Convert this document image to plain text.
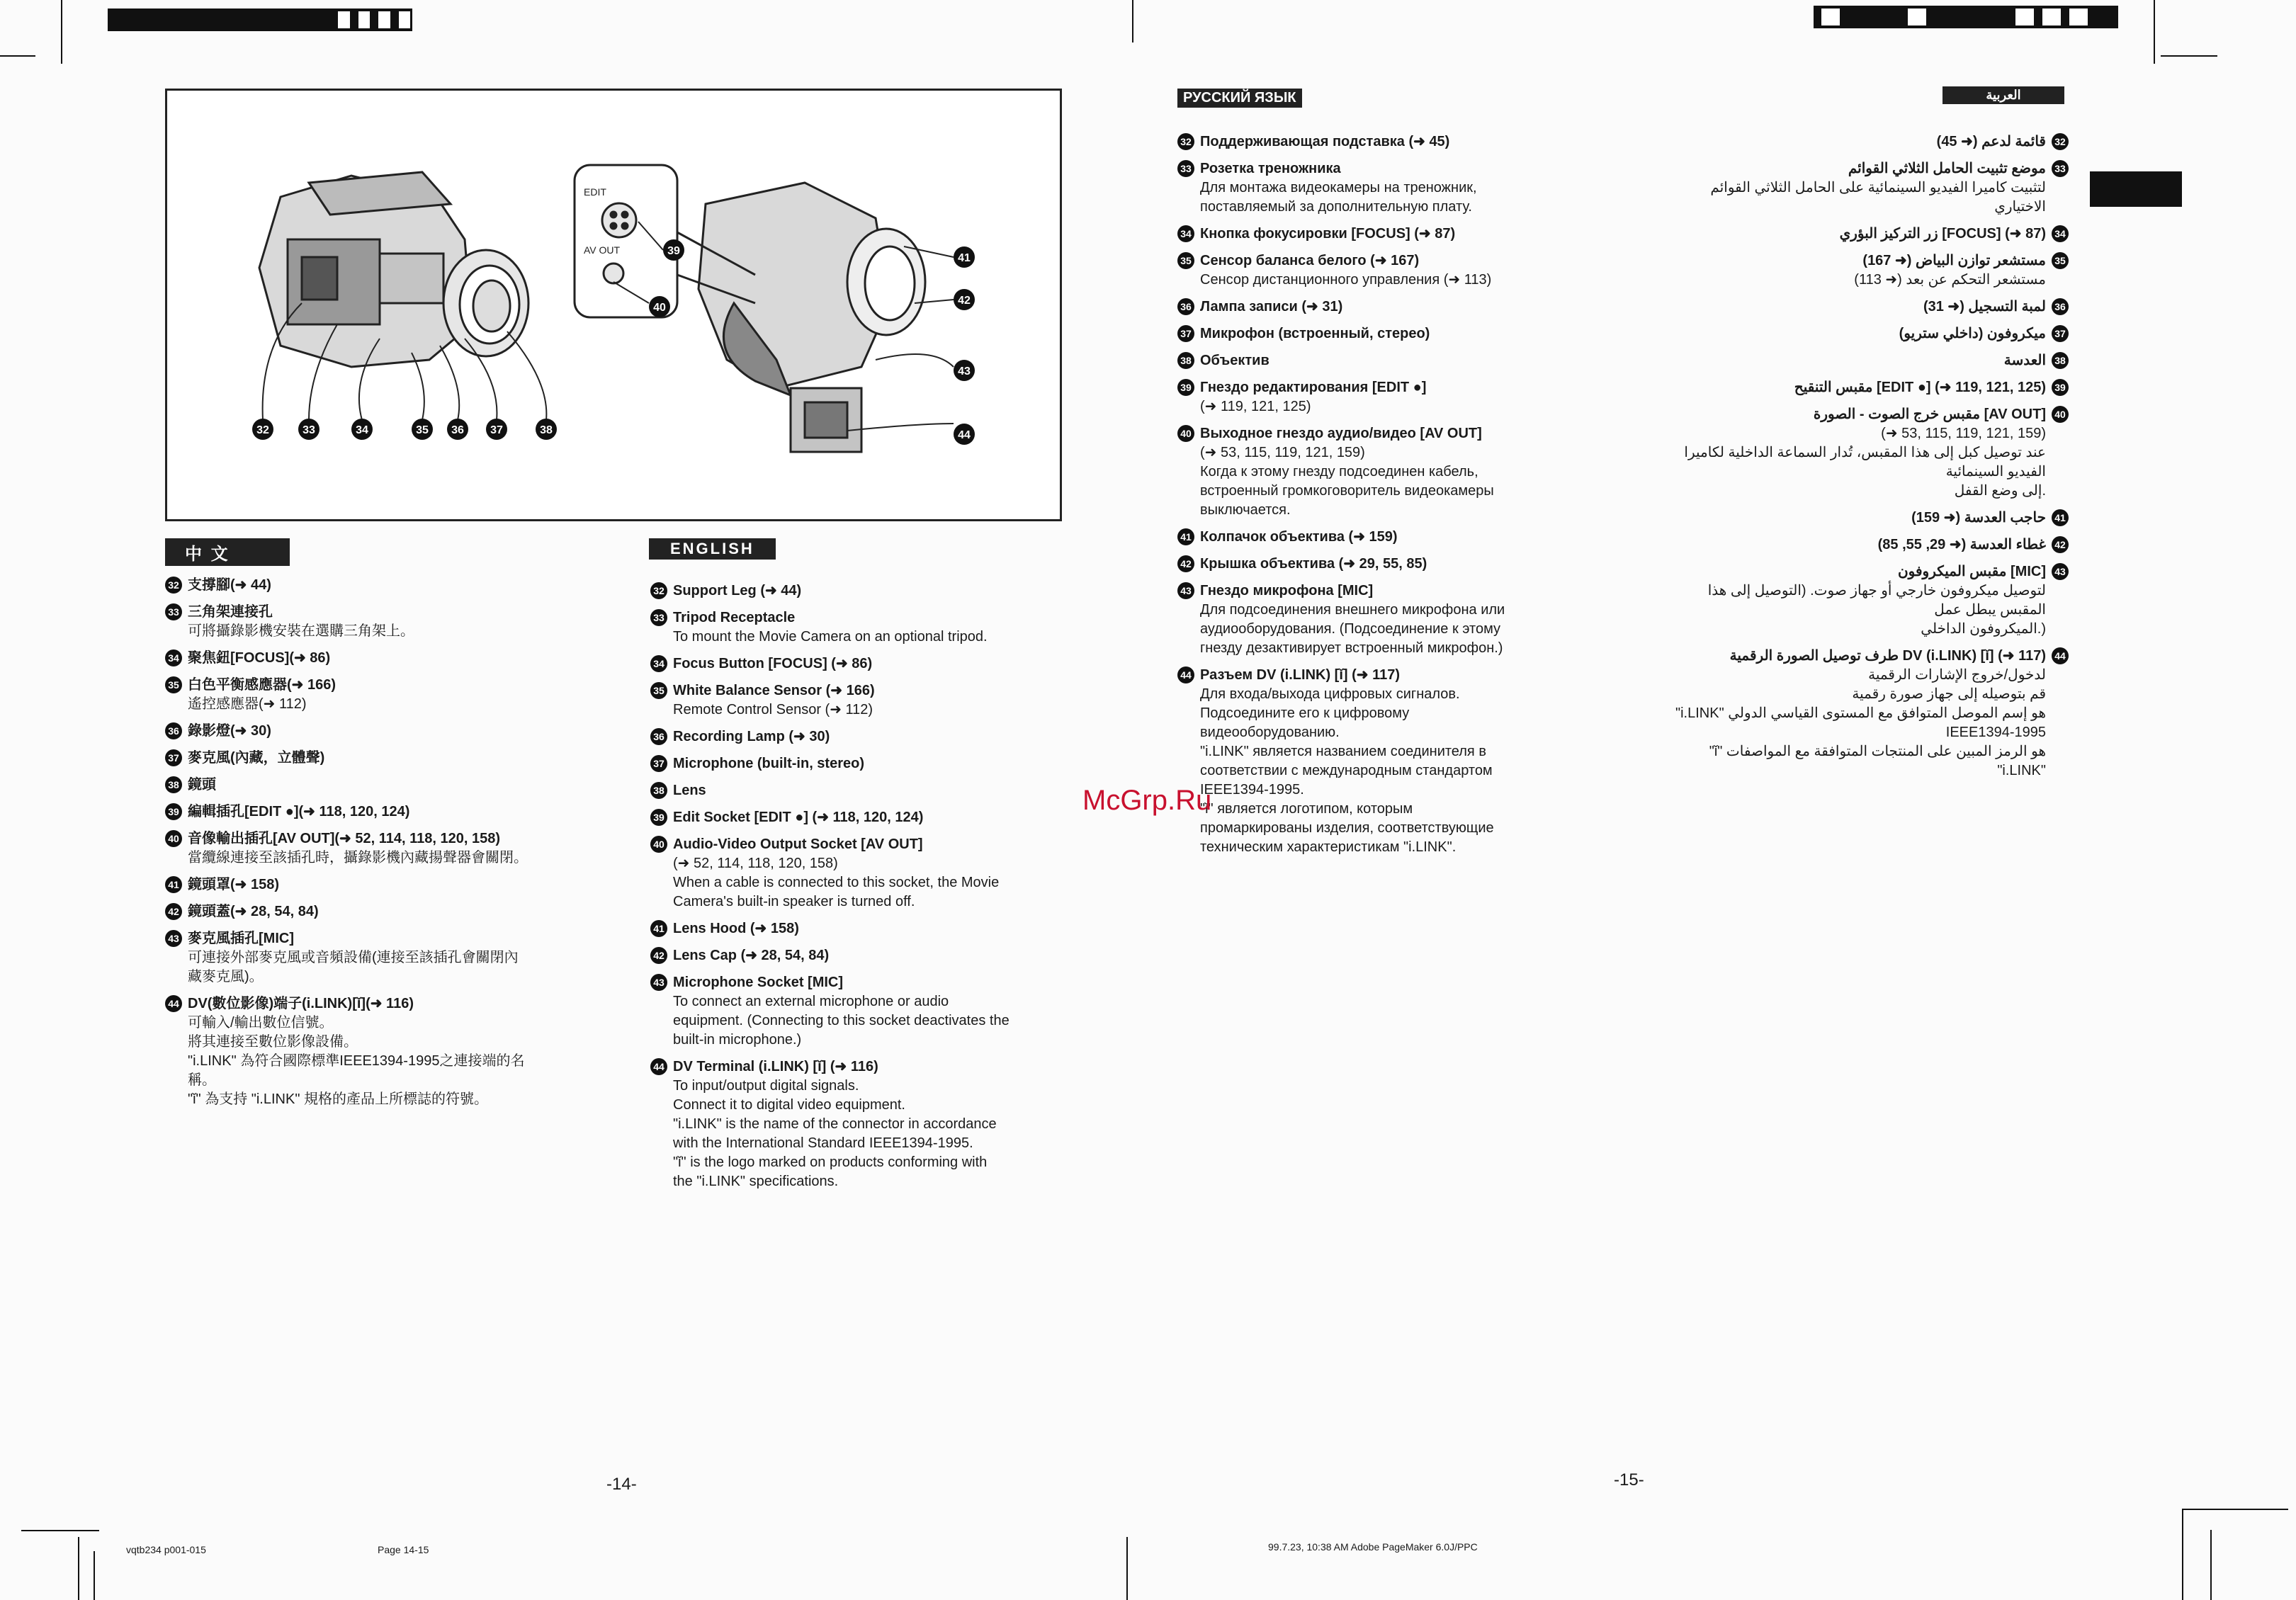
EDIT
AV OUT
32	33	34	35 36 37	38
41
42
39
40
43
44
中 文	ENGLISH
РУССКИЙ ЯЗЫК	العربية
32 支撐腳(➜ 44)
33 三角架連接孔
可將攝錄影機安裝在選購三角架上。
34 聚焦鈕[FOCUS](➜ 86)
35 白色平衡感應器(➜ 166)
遙控感應器(➜ 112)
36 錄影燈(➜ 30)
37 麥克風(內藏，立體聲)
38 鏡頭
39 編輯插孔[EDIT ●](➜ 118, 120, 124)
40 音像輸出插孔[AV OUT](➜ 52, 114, 118, 120, 158)
當纜線連接至該插孔時，攝錄影機內藏揚聲器會關閉。
41 鏡頭罩(➜ 158)
42 鏡頭蓋(➜ 28, 54, 84)
43 麥克風插孔[MIC]
可連接外部麥克風或音頻設備(連接至該插孔會關閉內
藏麥克風)。
44 DV(數位影像)端子(i.LINK)[ǐ](➜ 116)
可輸入/輸出數位信號。
將其連接至數位影像設備。
"i.LINK" 為符合國際標準IEEE1394-1995之連接端的名
稱。
"ǐ" 為支持 "i.LINK" 規格的產品上所標誌的符號。
32 Support Leg (➜ 44)
33 Tripod Receptacle
To mount the Movie Camera on an optional tripod.
34 Focus Button [FOCUS] (➜ 86)
35 White Balance Sensor (➜ 166)
Remote Control Sensor (➜ 112)
36 Recording Lamp (➜ 30)
37 Microphone (built-in, stereo)
38 Lens
39 Edit Socket [EDIT ●] (➜ 118, 120, 124)
40 Audio-Video Output Socket [AV OUT]
(➜ 52, 114, 118, 120, 158)
When a cable is connected to this socket, the Movie
Camera's built-in speaker is turned off.
41 Lens Hood (➜ 158)
42 Lens Cap (➜ 28, 54, 84)
43 Microphone Socket [MIC]
To connect an external microphone or audio
equipment. (Connecting to this socket deactivates the
built-in microphone.)
44 DV Terminal (i.LINK) [ǐ] (➜ 116)
To input/output digital signals.
Connect it to digital video equipment.
"i.LINK" is the name of the connector in accordance
with the International Standard IEEE1394-1995.
"ǐ" is the logo marked on products conforming with
the "i.LINK" specifications.
32 Поддерживающая подставка (➜ 45)
33 Розетка треножника
Для монтажа видеокамеры на треножник,
поставляемый за дополнительную плату.
34 Кнопка фокусировки [FOCUS] (➜ 87)
35 Сенсор баланса белого (➜ 167)
Сенсор дистанционного управления (➜ 113)
36 Лампа записи (➜ 31)
37 Микрофон (встроенный, стерео)
38 Объектив
39 Гнездо редактирования [EDIT ●]
(➜ 119, 121, 125)
40 Выходное гнездо аудио/видео [AV OUT]
(➜ 53, 115, 119, 121, 159)
Когда к этому гнезду подсоединен кабель,
встроенный громкоговоритель видеокамеры
выключается.
41 Колпачок объектива (➜ 159)
42 Крышка объектива (➜ 29, 55, 85)
43 Гнездо микрофона [MIC]
Для подсоединения внешнего микрофона или
аудиооборудования. (Подсоединение к этому
гнезду дезактивирует встроенный микрофон.)
44 Разъем DV (i.LINK) [ǐ] (➜ 117)
Для входа/выхода цифровых сигналов.
Подсоедините его к цифровому
видеооборудованию.
"i.LINK" является названием соединителя в
соответствии с международным стандартом
IEEE1394-1995.
"ǐ" является логотипом, которым
промаркированы изделия, соответствующие
техническим характеристикам "i.LINK".
32
قائمة لدعم (➜ 45)
33
موضع تثبيت الحامل الثلاثي القوائم
لتثبيت كاميرا الفيديو السينمائية على الحامل الثلاثي القوائم الاختياري
34
زر التركيز البؤري [FOCUS] (➜ 87)
35
مستشعر توازن البياض (➜ 167)
مستشعر التحكم عن بعد (➜ 113)
36
لمبة التسجيل (➜ 31)
37
ميكروفون (داخلي ستريو)
38
العدسة
39
مقبس التنقيح [EDIT ●] (➜ 119, 121, 125)
40
مقبس خرج الصوت - الصورة [AV OUT]
(➜ 53, 115, 119, 121, 159)
عند توصيل كبل إلى هذا المقبس، تُدار السماعة الداخلية لكاميرا الفيديو السينمائية
إلى وضع القفل.
41
حاجب العدسة (➜ 159)
42
غطاء العدسة (➜ 29, 55, 85)
43
مقبس الميكروفون [MIC]
لتوصيل ميكروفون خارجي أو جهاز صوت. (التوصيل إلى هذا المقبس يبطل عمل
الميكروفون الداخلي.)
44
طرف توصيل الصورة الرقمية DV (i.LINK) [ǐ] (➜ 117)
لدخول/خروج الإشارات الرقمية
قم بتوصيله إلى جهاز صورة رقمية
"i.LINK" هو إسم الموصل المتوافق مع المستوى القياسي الدولي
IEEE1394-1995
"ǐ" هو الرمز المبين على المنتجات المتوافقة مع المواصفات "i.LINK"
McGrp.Ru
-14-	-15-
vqtb234 p001-015	Page 14-15	99.7.23, 10:38 AM Adobe PageMaker 6.0J/PPC
